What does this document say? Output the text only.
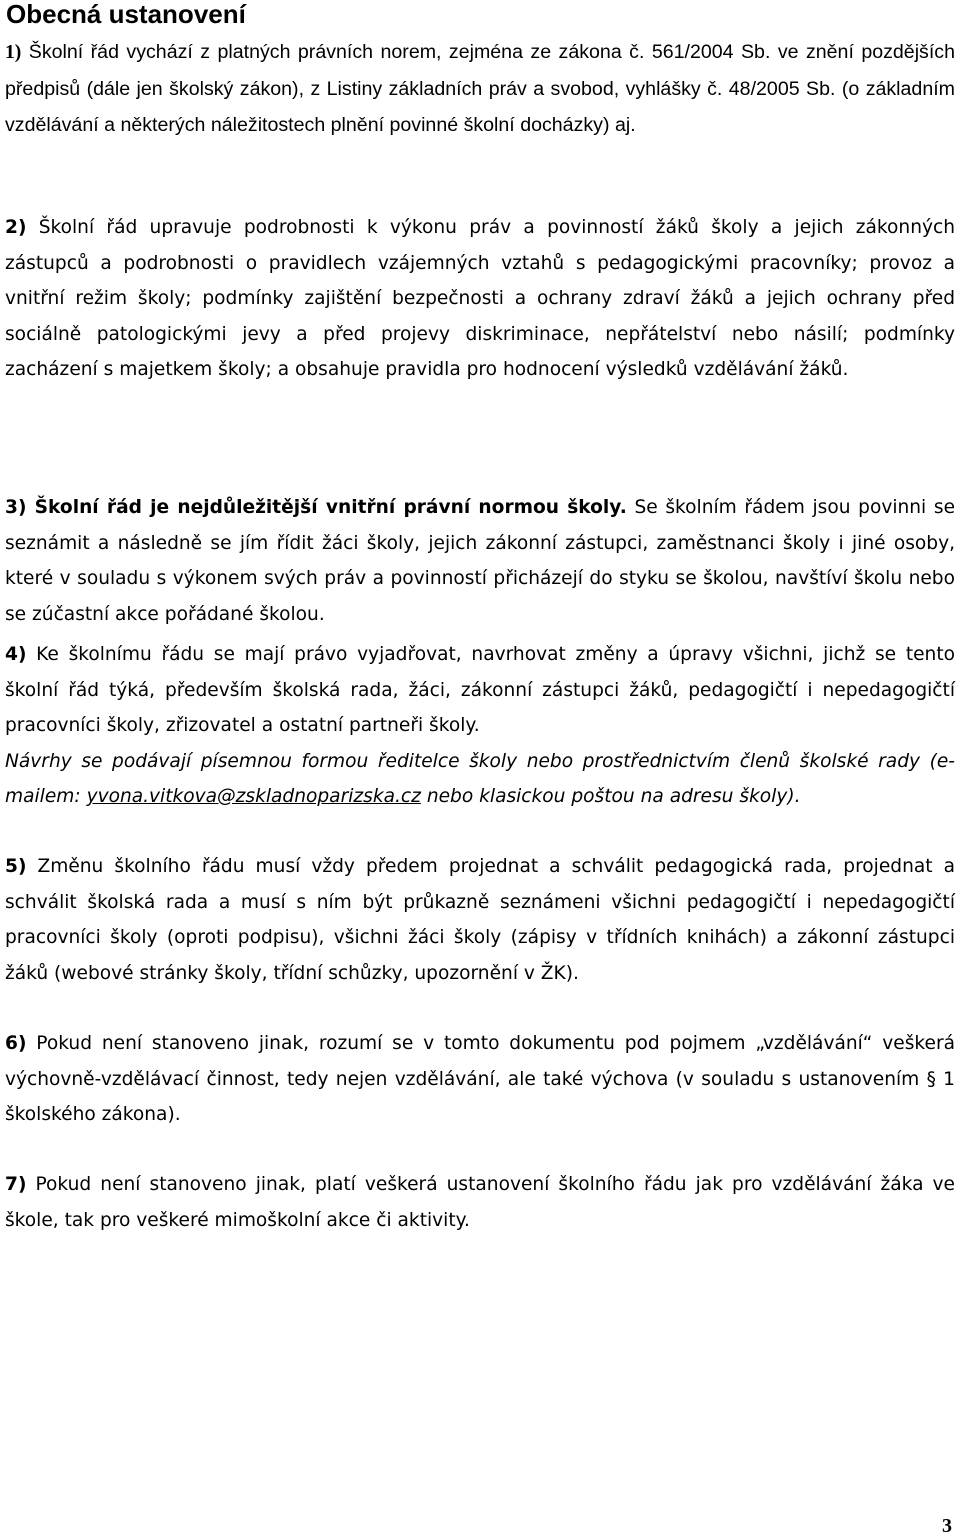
Obecná ustanovení

1) Školní řád vychází z platných právních norem, zejména ze zákona č. 561/2004 Sb. ve znění pozdějších předpisů (dále jen školský zákon), z Listiny základních práv a svobod, vyhlášky č. 48/2005 Sb. (o základním vzdělávání a některých náležitostech plnění povinné školní docházky) aj.

2) Školní řád upravuje podrobnosti k výkonu práv a povinností žáků školy a jejich zákonných zástupců a podrobnosti o pravidlech vzájemných vztahů s pedagogickými pracovníky; provoz a vnitřní režim školy; podmínky zajištění bezpečnosti a ochrany zdraví žáků a jejich ochrany před sociálně patologickými jevy a před projevy diskriminace, nepřátelství nebo násilí; podmínky zacházení s majetkem školy; a obsahuje pravidla pro hodnocení výsledků vzdělávání žáků.

3) Školní řád je nejdůležitější vnitřní právní normou školy. Se školním řádem jsou povinni se seznámit a následně se jím řídit žáci školy, jejich zákonní zástupci, zaměstnanci školy i jiné osoby, které v souladu s výkonem svých práv a povinností přicházejí do styku se školou, navštíví školu nebo se zúčastní akce pořádané školou.

4) Ke školnímu řádu se mají právo vyjadřovat, navrhovat změny a úpravy všichni, jichž se tento školní řád týká, především školská rada, žáci, zákonní zástupci žáků, pedagogičtí i nepedagogičtí pracovníci školy, zřizovatel a ostatní partneři školy.
Návrhy se podávají písemnou formou ředitelce školy nebo prostřednictvím členů školské rady (e-mailem: yvona.vitkova@zskladnoparizska.cz nebo klasickou poštou na adresu školy).

5) Změnu školního řádu musí vždy předem projednat a schválit pedagogická rada, projednat a schválit školská rada a musí s ním být průkazně seznámeni všichni pedagogičtí i nepedagogičtí pracovníci školy (oproti podpisu), všichni žáci školy (zápisy v třídních knihách) a zákonní zástupci žáků (webové stránky školy, třídní schůzky, upozornění v ŽK).

6) Pokud není stanoveno jinak, rozumí se v tomto dokumentu pod pojmem „vzdělávání“ veškerá výchovně-vzdělávací činnost, tedy nejen vzdělávání, ale také výchova (v souladu s ustanovením § 1 školského zákona).

7) Pokud není stanoveno jinak, platí veškerá ustanovení školního řádu jak pro vzdělávání žáka ve škole, tak pro veškeré mimoškolní akce či aktivity.

3
